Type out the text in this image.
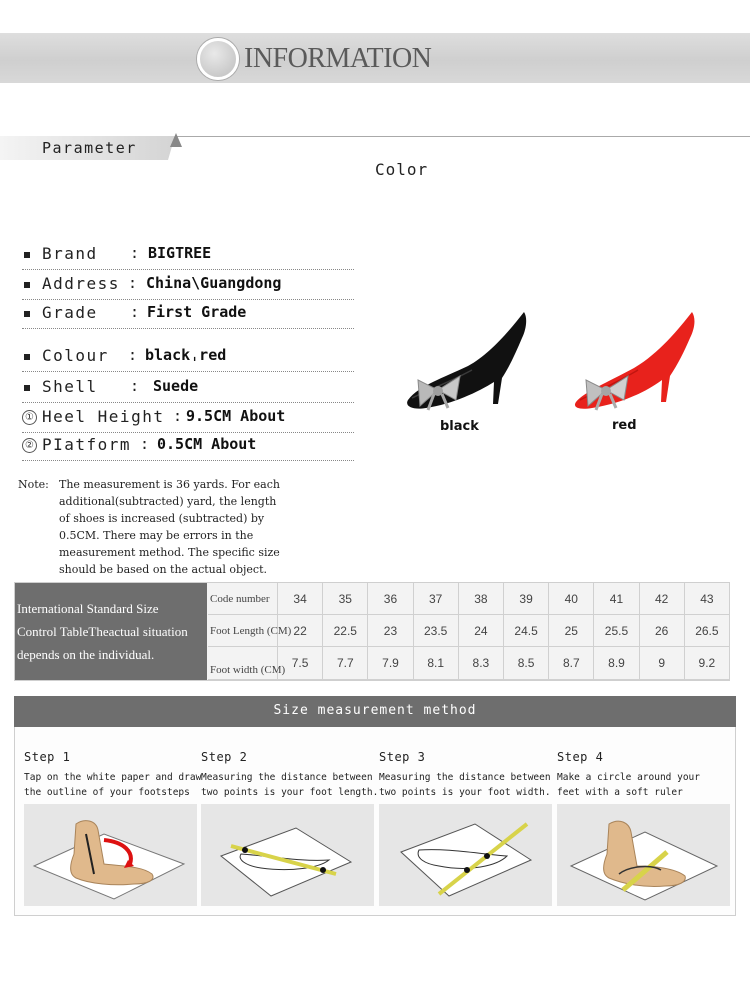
INFORMATION
Parameter
Color
Brand : BIGTREE
Address : China\Guangdong
Grade : First Grade
Colour : blackˌred
Shell : Suede
① Heel Height : 9.5CM About
② PIatform : 0.5CM About
black	red
Note: The measurement is 36 yards. For each
additional(subtracted) yard, the length
of shoes is increased (subtracted) by
0.5CM. There may be errors in the
measurement method. The specific size
should be based on the actual object.
International Standard Size
Control TableTheactual situation
depends on the individual.
Code number	34	35	36	37	38	39	40	41	42	43
Foot Length (CM) 22	22.5	23	23.5	24	24.5	25	25.5	26	26.5
Foot width (CM) 7.5	7.7	7.9	8.1	8.3	8.5	8.7	8.9	9	9.2
Size measurement method
Step 1
Tap on the white paper and draw
the outline of your footsteps
Step 2
Measuring the distance between
two points is your foot length.
Step 3
Measuring the distance between
two points is your foot width.
Step 4
Make a circle around your
feet with a soft ruler
